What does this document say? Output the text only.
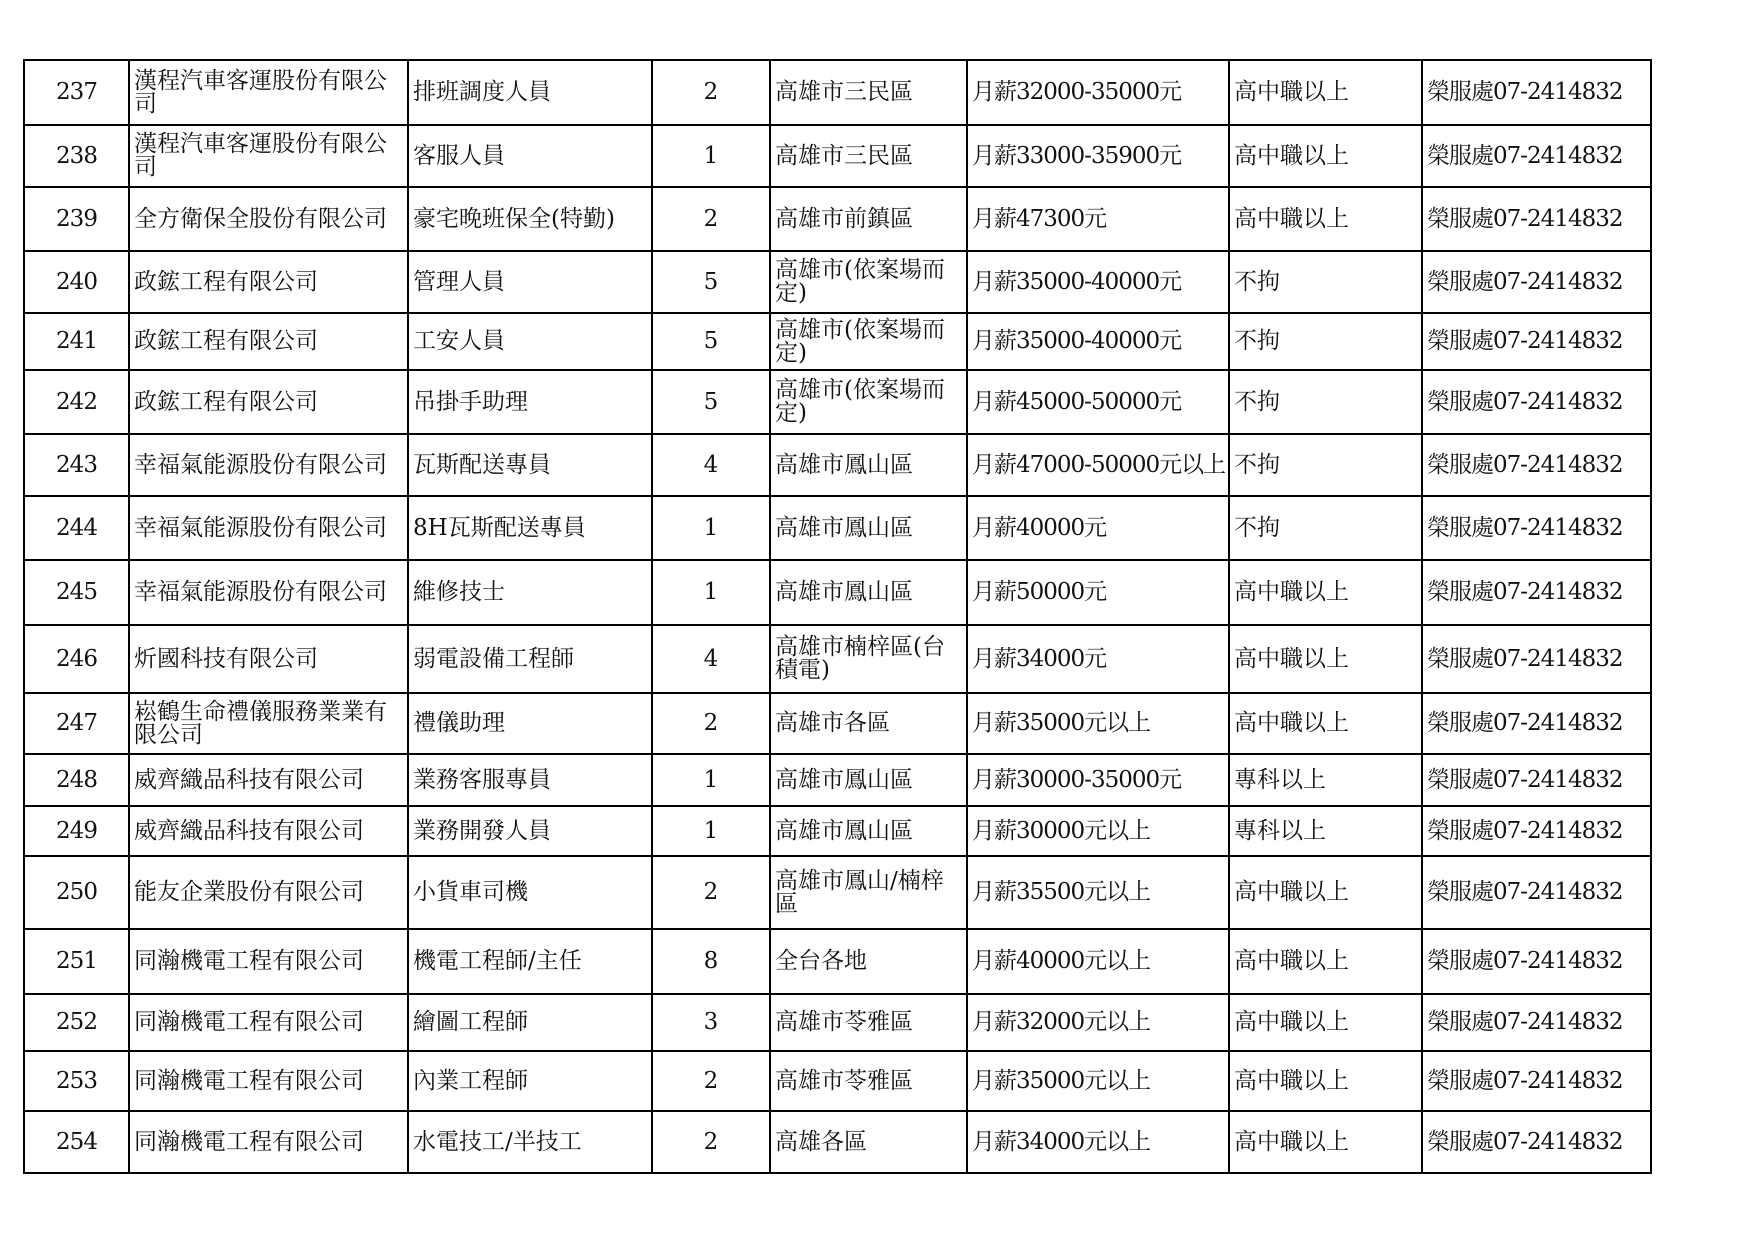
237	漢程汽車客運股份有限公司	排班調度人員	2	高雄市三民區	月薪32000-35000元	高中職以上	榮服處07-2414832
238	漢程汽車客運股份有限公司	客服人員	1	高雄市三民區	月薪33000-35900元	高中職以上	榮服處07-2414832
239	全方衛保全股份有限公司	豪宅晚班保全(特勤)	2	高雄市前鎮區	月薪47300元	高中職以上	榮服處07-2414832
240	政鋐工程有限公司	管理人員	5	高雄市(依案場而定)	月薪35000-40000元	不拘	榮服處07-2414832
241	政鋐工程有限公司	工安人員	5	高雄市(依案場而定)	月薪35000-40000元	不拘	榮服處07-2414832
242	政鋐工程有限公司	吊掛手助理	5	高雄市(依案場而定)	月薪45000-50000元	不拘	榮服處07-2414832
243	幸福氣能源股份有限公司	瓦斯配送專員	4	高雄市鳳山區	月薪47000-50000元以上	不拘	榮服處07-2414832
244	幸福氣能源股份有限公司	8H瓦斯配送專員	1	高雄市鳳山區	月薪40000元	不拘	榮服處07-2414832
245	幸福氣能源股份有限公司	維修技士	1	高雄市鳳山區	月薪50000元	高中職以上	榮服處07-2414832
246	炘國科技有限公司	弱電設備工程師	4	高雄市楠梓區(台積電)	月薪34000元	高中職以上	榮服處07-2414832
247	崧鶴生命禮儀服務業業有限公司	禮儀助理	2	高雄市各區	月薪35000元以上	高中職以上	榮服處07-2414832
248	威齊織品科技有限公司	業務客服專員	1	高雄市鳳山區	月薪30000-35000元	專科以上	榮服處07-2414832
249	威齊織品科技有限公司	業務開發人員	1	高雄市鳳山區	月薪30000元以上	專科以上	榮服處07-2414832
250	能友企業股份有限公司	小貨車司機	2	高雄市鳳山/楠梓區	月薪35500元以上	高中職以上	榮服處07-2414832
251	同瀚機電工程有限公司	機電工程師/主任	8	全台各地	月薪40000元以上	高中職以上	榮服處07-2414832
252	同瀚機電工程有限公司	繪圖工程師	3	高雄市苓雅區	月薪32000元以上	高中職以上	榮服處07-2414832
253	同瀚機電工程有限公司	內業工程師	2	高雄市苓雅區	月薪35000元以上	高中職以上	榮服處07-2414832
254	同瀚機電工程有限公司	水電技工/半技工	2	高雄各區	月薪34000元以上	高中職以上	榮服處07-2414832
